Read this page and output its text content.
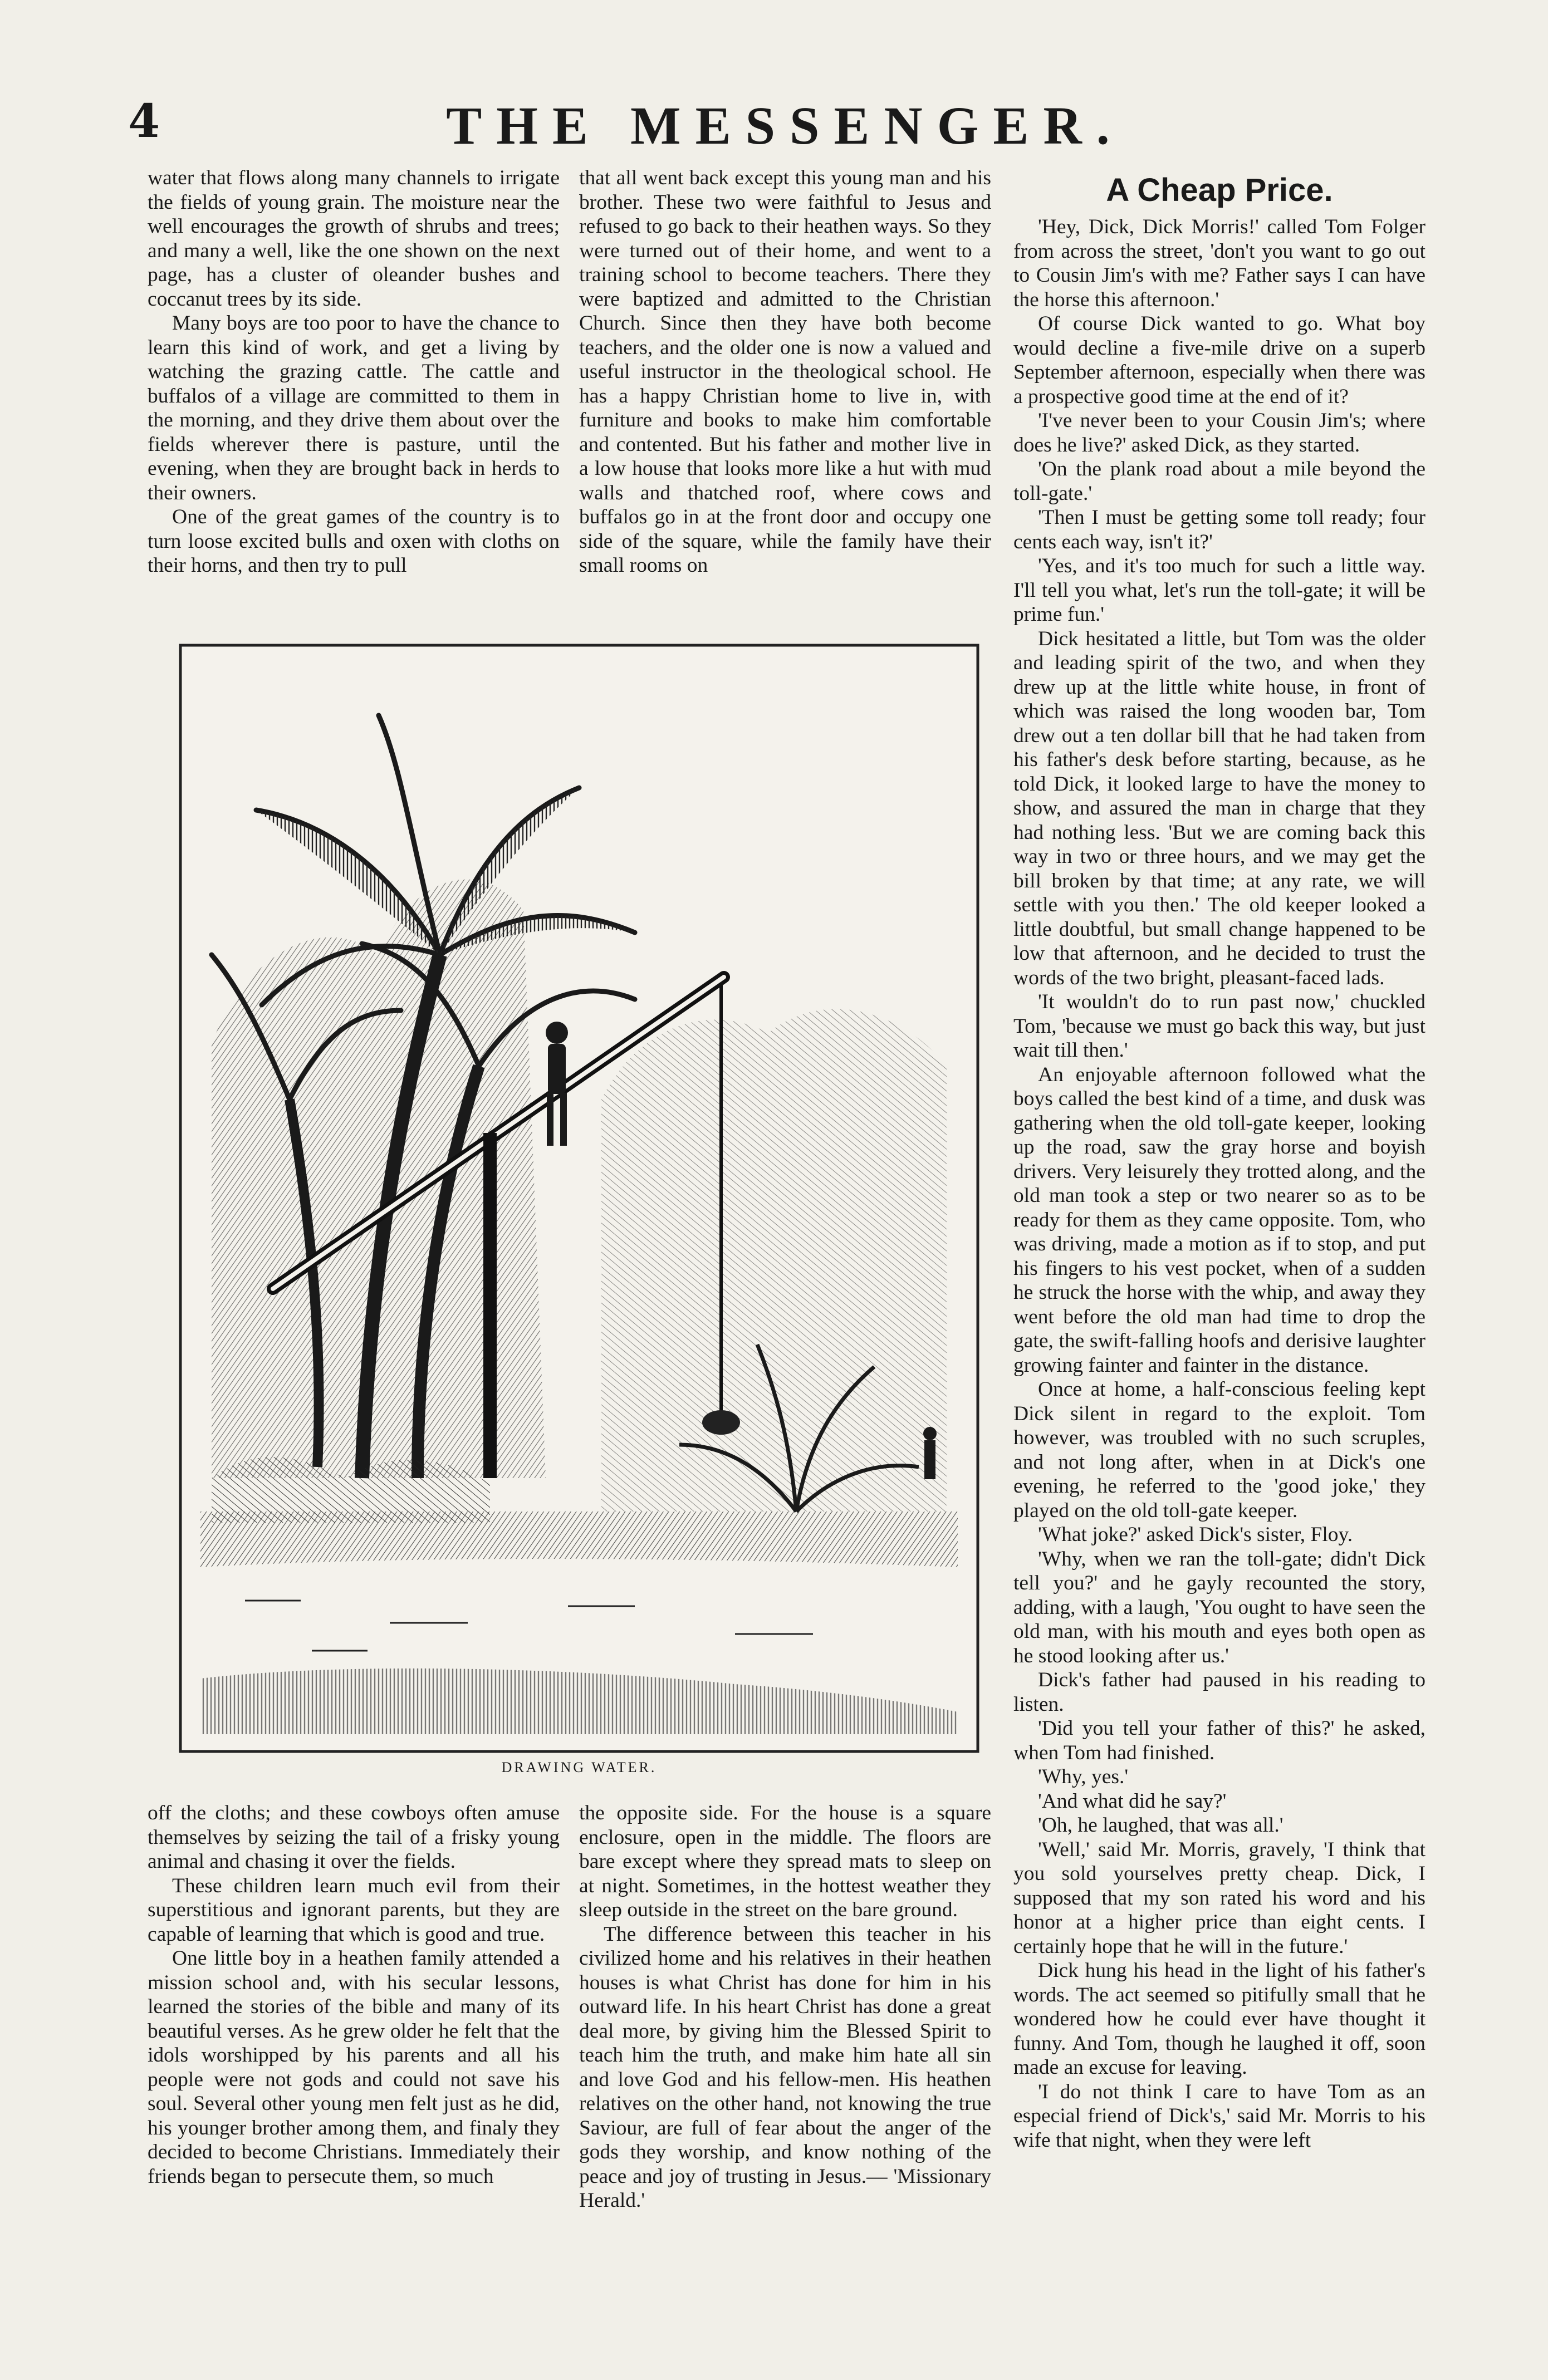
4	THE MESSENGER.

water that flows along many channels to irrigate the fields of young grain. The moisture near the well encourages the growth of shrubs and trees; and many a well, like the one shown on the next page, has a cluster of oleander bushes and coccanut trees by its side.

Many boys are too poor to have the chance to learn this kind of work, and get a living by watching the grazing cattle. The cattle and buffalos of a village are committed to them in the morning, and they drive them about over the fields wherever there is pasture, until the evening, when they are brought back in herds to their owners.

One of the great games of the country is to turn loose excited bulls and oxen with cloths on their horns, and then try to pull

that all went back except this young man and his brother. These two were faithful to Jesus and refused to go back to their heathen ways. So they were turned out of their home, and went to a training school to become teachers. There they were baptized and admitted to the Christian Church. Since then they have both become teachers, and the older one is now a valued and useful instructor in the theological school. He has a happy Christian home to live in, with furniture and books to make him comfortable and contented. But his father and mother live in a low house that looks more like a hut with mud walls and thatched roof, where cows and buffalos go in at the front door and occupy one side of the square, while the family have their small rooms on

A Cheap Price.

'Hey, Dick, Dick Morris!' called Tom Folger from across the street, 'don't you want to go out to Cousin Jim's with me? Father says I can have the horse this afternoon.'

Of course Dick wanted to go. What boy would decline a five-mile drive on a superb September afternoon, especially when there was a prospective good time at the end of it?

'I've never been to your Cousin Jim's; where does he live?' asked Dick, as they started.

'On the plank road about a mile beyond the toll-gate.'

'Then I must be getting some toll ready; four cents each way, isn't it?'

'Yes, and it's too much for such a little way. I'll tell you what, let's run the toll-gate; it will be prime fun.'

Dick hesitated a little, but Tom was the older and leading spirit of the two, and when they drew up at the little white house, in front of which was raised the long wooden bar, Tom drew out a ten dollar bill that he had taken from his father's desk before starting, because, as he told Dick, it looked large to have the money to show, and assured the man in charge that they had nothing less. 'But we are coming back this way in two or three hours, and we may get the bill broken by that time; at any rate, we will settle with you then.' The old keeper looked a little doubtful, but small change happened to be low that afternoon, and he decided to trust the words of the two bright, pleasant-faced lads.

'It wouldn't do to run past now,' chuckled Tom, 'because we must go back this way, but just wait till then.'

An enjoyable afternoon followed what the boys called the best kind of a time, and dusk was gathering when the old toll-gate keeper, looking up the road, saw the gray horse and boyish drivers. Very leisurely they trotted along, and the old man took a step or two nearer so as to be ready for them as they came opposite. Tom, who was driving, made a motion as if to stop, and put his fingers to his vest pocket, when of a sudden he struck the horse with the whip, and away they went before the old man had time to drop the gate, the swift-falling hoofs and derisive laughter growing fainter and fainter in the distance.

Once at home, a half-conscious feeling kept Dick silent in regard to the exploit. Tom however, was troubled with no such scruples, and not long after, when in at Dick's one evening, he referred to the 'good joke,' they played on the old toll-gate keeper.

'What joke?' asked Dick's sister, Floy.

'Why, when we ran the toll-gate; didn't Dick tell you?' and he gayly recounted the story, adding, with a laugh, 'You ought to have seen the old man, with his mouth and eyes both open as he stood looking after us.'

Dick's father had paused in his reading to listen.

'Did you tell your father of this?' he asked, when Tom had finished.

'Why, yes.'

'And what did he say?'

'Oh, he laughed, that was all.'

'Well,' said Mr. Morris, gravely, 'I think that you sold yourselves pretty cheap. Dick, I supposed that my son rated his word and his honor at a higher price than eight cents. I certainly hope that he will in the future.'

Dick hung his head in the light of his father's words. The act seemed so pitifully small that he wondered how he could ever have thought it funny. And Tom, though he laughed it off, soon made an excuse for leaving.

'I do not think I care to have Tom as an especial friend of Dick's,' said Mr. Morris to his wife that night, when they were left

DRAWING WATER.

off the cloths; and these cowboys often amuse themselves by seizing the tail of a frisky young animal and chasing it over the fields.

These children learn much evil from their superstitious and ignorant parents, but they are capable of learning that which is good and true.

One little boy in a heathen family attended a mission school and, with his secular lessons, learned the stories of the bible and many of its beautiful verses. As he grew older he felt that the idols worshipped by his parents and all his people were not gods and could not save his soul. Several other young men felt just as he did, his younger brother among them, and finaly they decided to become Christians. Immediately their friends began to persecute them, so much

the opposite side. For the house is a square enclosure, open in the middle. The floors are bare except where they spread mats to sleep on at night. Sometimes, in the hottest weather they sleep outside in the street on the bare ground.

The difference between this teacher in his civilized home and his relatives in their heathen houses is what Christ has done for him in his outward life. In his heart Christ has done a great deal more, by giving him the Blessed Spirit to teach him the truth, and make him hate all sin and love God and his fellow-men. His heathen relatives on the other hand, not knowing the true Saviour, are full of fear about the anger of the gods they worship, and know nothing of the peace and joy of trusting in Jesus.— 'Missionary Herald.'
